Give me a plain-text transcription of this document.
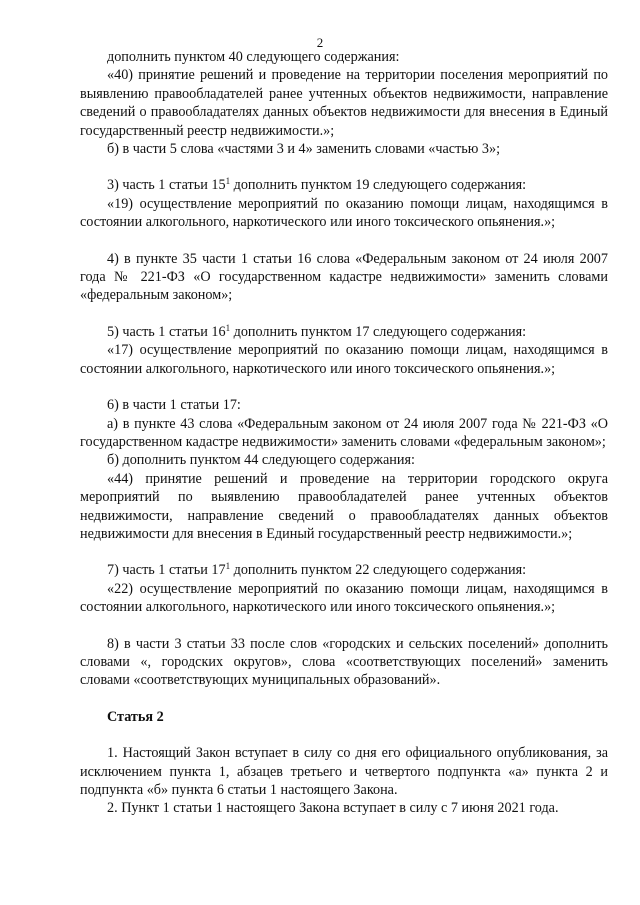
2

дополнить пунктом 40 следующего содержания:

«40) принятие решений и проведение на территории поселения мероприятий по выявлению правообладателей ранее учтенных объектов недвижимости, направление сведений о правообладателях данных объектов недвижимости для внесения в Единый государственный реестр недвижимости.»;

б) в части 5 слова «частями 3 и 4» заменить словами «частью 3»;

3) часть 1 статьи $15^1$ дополнить пунктом 19 следующего содержания:

«19) осуществление мероприятий по оказанию помощи лицам, находящимся в состоянии алкогольного, наркотического или иного токсического опьянения.»;

4) в пункте 35 части 1 статьи 16 слова «Федеральным законом от 24 июля 2007 года № 221-ФЗ «О государственном кадастре недвижимости» заменить словами «федеральным законом»;

5) часть 1 статьи $16^1$ дополнить пунктом 17 следующего содержания:

«17) осуществление мероприятий по оказанию помощи лицам, находящимся в состоянии алкогольного, наркотического или иного токсического опьянения.»;

6) в части 1 статьи 17:

а) в пункте 43 слова «Федеральным законом от 24 июля 2007 года № 221-ФЗ «О государственном кадастре недвижимости» заменить словами «федеральным законом»;

б) дополнить пунктом 44 следующего содержания:

«44) принятие решений и проведение на территории городского округа мероприятий по выявлению правообладателей ранее учтенных объектов недвижимости, направление сведений о правообладателях данных объектов недвижимости для внесения в Единый государственный реестр недвижимости.»;

7) часть 1 статьи $17^1$ дополнить пунктом 22 следующего содержания:

«22) осуществление мероприятий по оказанию помощи лицам, находящимся в состоянии алкогольного, наркотического или иного токсического опьянения.»;

8) в части 3 статьи 33 после слов «городских и сельских поселений» дополнить словами «, городских округов», слова «соответствующих поселений» заменить словами «соответствующих муниципальных образований».

Статья 2

1. Настоящий Закон вступает в силу со дня его официального опубликования, за исключением пункта 1, абзацев третьего и четвертого подпункта «а» пункта 2 и подпункта «б» пункта 6 статьи 1 настоящего Закона.

2. Пункт 1 статьи 1 настоящего Закона вступает в силу с 7 июня 2021 года.
